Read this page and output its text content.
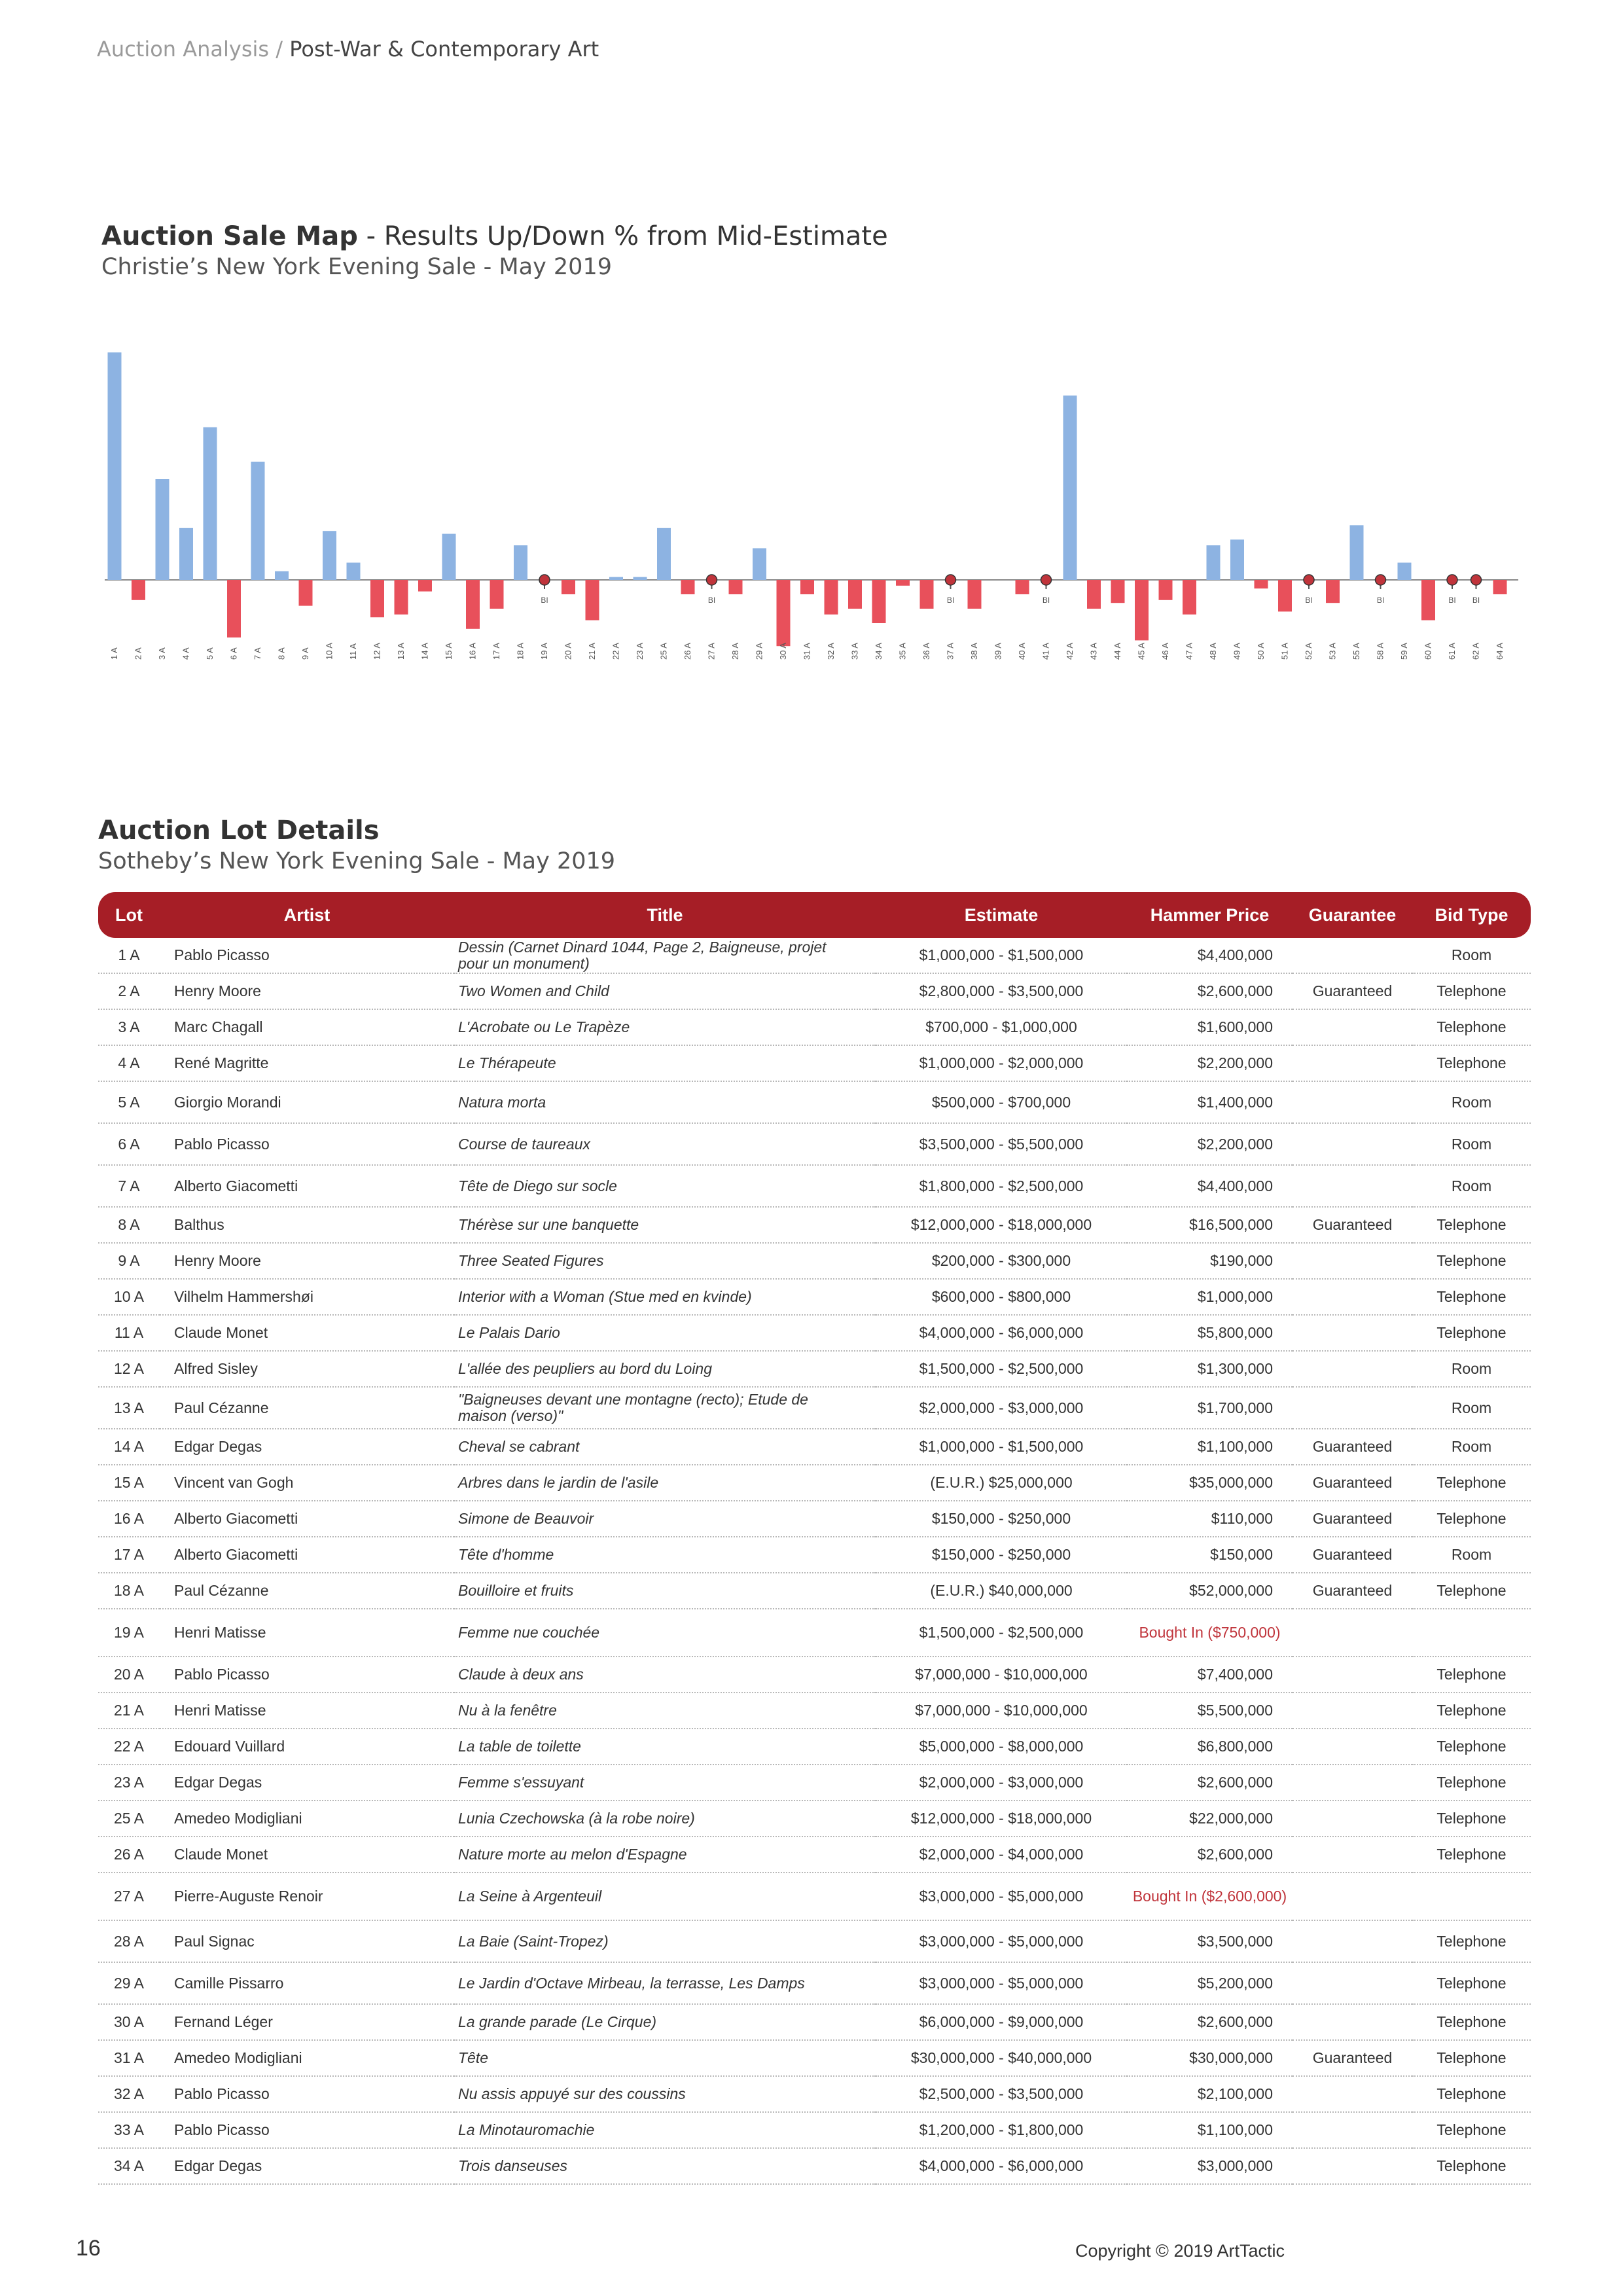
Auction Analysis / Post-War & Contemporary Art
Auction Sale Map - Results Up/Down % from Mid-Estimate
Christie’s New York Evening Sale - May 2019
1 A 2 A 3 A 4 A 5 A 6 A 7 A 8 A 9 A 10 A 11 A 12 A 13 A 14 A 15 A 16 A 17 A 18 A
BI
19 A 20 A 21 A 22 A 23 A 25 A 26 A
BI
27 A 28 A 29 A 30 A 31 A 32 A 33 A 34 A 35 A 36 A
BI
37 A 38 A 39 A 40 A
BI
41 A 42 A 43 A 44 A 45 A 46 A 47 A 48 A 49 A 50 A 51 A
BI
52 A 53 A 55 A
BI
58 A 59 A 60 A
BI
61 A
BI
62 A 64 A
Auction Lot Details
Sotheby’s New York Evening Sale - May 2019
Lot	Artist	Title	Estimate	Hammer Price	Guarantee	Bid Type
1 A	Pablo Picasso	Dessin (Carnet Dinard 1044, Page 2, Baigneuse, projet pour un monument)	$1,000,000 - $1,500,000	$4,400,000		Room
2 A	Henry Moore	Two Women and Child	$2,800,000 - $3,500,000	$2,600,000	Guaranteed	Telephone
3 A	Marc Chagall	L'Acrobate ou Le Trapèze	$700,000 - $1,000,000	$1,600,000		Telephone
4 A	René Magritte	Le Thérapeute	$1,000,000 - $2,000,000	$2,200,000		Telephone
5 A	Giorgio Morandi	Natura morta	$500,000 - $700,000	$1,400,000		Room
6 A	Pablo Picasso	Course de taureaux	$3,500,000 - $5,500,000	$2,200,000		Room
7 A	Alberto Giacometti	Tête de Diego sur socle	$1,800,000 - $2,500,000	$4,400,000		Room
8 A	Balthus	Thérèse sur une banquette	$12,000,000 - $18,000,000	$16,500,000	Guaranteed	Telephone
9 A	Henry Moore	Three Seated Figures	$200,000 - $300,000	$190,000		Telephone
10 A	Vilhelm Hammershøi	Interior with a Woman (Stue med en kvinde)	$600,000 - $800,000	$1,000,000		Telephone
11 A	Claude Monet	Le Palais Dario	$4,000,000 - $6,000,000	$5,800,000		Telephone
12 A	Alfred Sisley	L'allée des peupliers au bord du Loing	$1,500,000 - $2,500,000	$1,300,000		Room
13 A	Paul Cézanne	"Baigneuses devant une montagne (recto); Etude de maison (verso)"	$2,000,000 - $3,000,000	$1,700,000		Room
14 A	Edgar Degas	Cheval se cabrant	$1,000,000 - $1,500,000	$1,100,000	Guaranteed	Room
15 A	Vincent van Gogh	Arbres dans le jardin de l'asile	(E.U.R.) $25,000,000	$35,000,000	Guaranteed	Telephone
16 A	Alberto Giacometti	Simone de Beauvoir	$150,000 - $250,000	$110,000	Guaranteed	Telephone
17 A	Alberto Giacometti	Tête d'homme	$150,000 - $250,000	$150,000	Guaranteed	Room
18 A	Paul Cézanne	Bouilloire et fruits	(E.U.R.) $40,000,000	$52,000,000	Guaranteed	Telephone
19 A	Henri Matisse	Femme nue couchée	$1,500,000 - $2,500,000	Bought In ($750,000)		
20 A	Pablo Picasso	Claude à deux ans	$7,000,000 - $10,000,000	$7,400,000		Telephone
21 A	Henri Matisse	Nu à la fenêtre	$7,000,000 - $10,000,000	$5,500,000		Telephone
22 A	Edouard Vuillard	La table de toilette	$5,000,000 - $8,000,000	$6,800,000		Telephone
23 A	Edgar Degas	Femme s'essuyant	$2,000,000 - $3,000,000	$2,600,000		Telephone
25 A	Amedeo Modigliani	Lunia Czechowska (à la robe noire)	$12,000,000 - $18,000,000	$22,000,000		Telephone
26 A	Claude Monet	Nature morte au melon d'Espagne	$2,000,000 - $4,000,000	$2,600,000		Telephone
27 A	Pierre-Auguste Renoir	La Seine à Argenteuil	$3,000,000 - $5,000,000	Bought In ($2,600,000)		
28 A	Paul Signac	La Baie (Saint-Tropez)	$3,000,000 - $5,000,000	$3,500,000		Telephone
29 A	Camille Pissarro	Le Jardin d'Octave Mirbeau, la terrasse, Les Damps	$3,000,000 - $5,000,000	$5,200,000		Telephone
30 A	Fernand Léger	La grande parade (Le Cirque)	$6,000,000 - $9,000,000	$2,600,000		Telephone
31 A	Amedeo Modigliani	Tête	$30,000,000 - $40,000,000	$30,000,000	Guaranteed	Telephone
32 A	Pablo Picasso	Nu assis appuyé sur des coussins	$2,500,000 - $3,500,000	$2,100,000		Telephone
33 A	Pablo Picasso	La Minotauromachie	$1,200,000 - $1,800,000	$1,100,000		Telephone
34 A	Edgar Degas	Trois danseuses	$4,000,000 - $6,000,000	$3,000,000		Telephone
16	Copyright © 2019 ArtTactic
